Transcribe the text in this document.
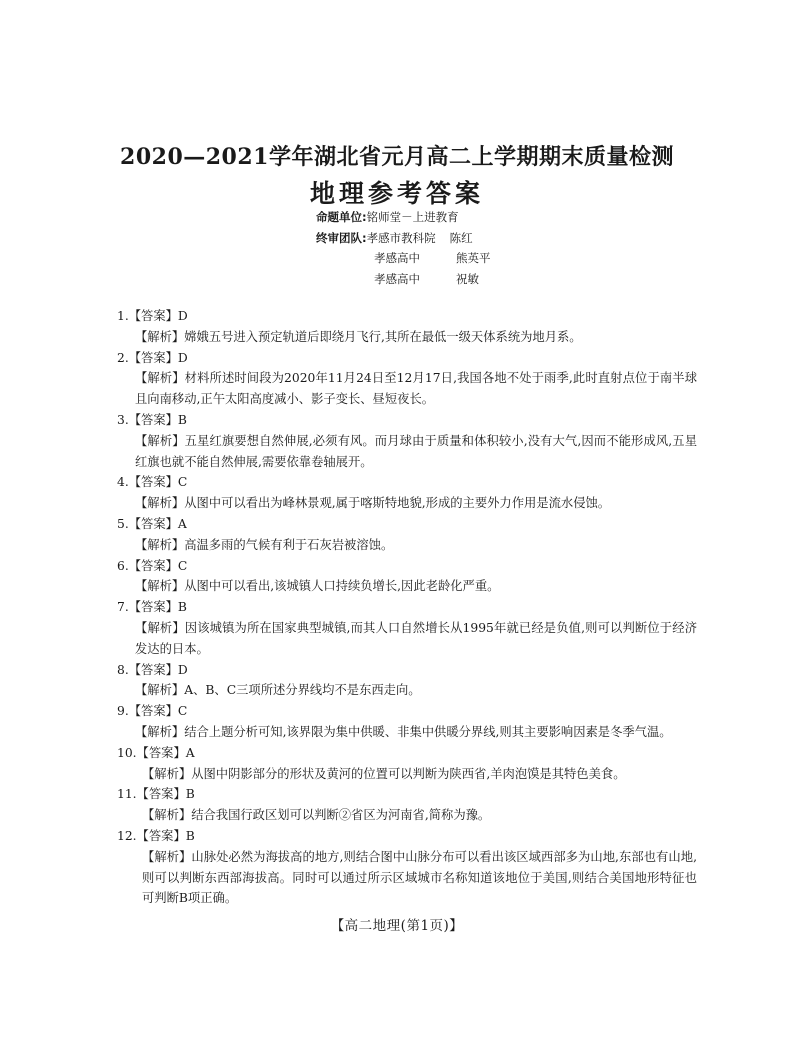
2020—2021学年湖北省元月高二上学期期末质量检测
地理参考答案
命题单位:铭师堂－上进教育
终审团队:孝感市教科院 陈红
孝感高中	熊英平
孝感高中	祝敏
1.【答案】D
【解析】嫦娥五号进入预定轨道后即绕月飞行,其所在最低一级天体系统为地月系。
2.【答案】D
【解析】材料所述时间段为2020年11月24日至12月17日,我国各地不处于雨季,此时直射点位于南半球且向南移动,正午太阳高度减小、影子变长、昼短夜长。
3.【答案】B
【解析】五星红旗要想自然伸展,必须有风。而月球由于质量和体积较小,没有大气,因而不能形成风,五星红旗也就不能自然伸展,需要依靠卷轴展开。
4.【答案】C
【解析】从图中可以看出为峰林景观,属于喀斯特地貌,形成的主要外力作用是流水侵蚀。
5.【答案】A
【解析】高温多雨的气候有利于石灰岩被溶蚀。
6.【答案】C
【解析】从图中可以看出,该城镇人口持续负增长,因此老龄化严重。
7.【答案】B
【解析】因该城镇为所在国家典型城镇,而其人口自然增长从1995年就已经是负值,则可以判断位于经济发达的日本。
8.【答案】D
【解析】A、B、C三项所述分界线均不是东西走向。
9.【答案】C
【解析】结合上题分析可知,该界限为集中供暖、非集中供暖分界线,则其主要影响因素是冬季气温。
10.【答案】A
【解析】从图中阴影部分的形状及黄河的位置可以判断为陕西省,羊肉泡馍是其特色美食。
11.【答案】B
【解析】结合我国行政区划可以判断②省区为河南省,简称为豫。
12.【答案】B
【解析】山脉处必然为海拔高的地方,则结合图中山脉分布可以看出该区域西部多为山地,东部也有山地,则可以判断东西部海拔高。同时可以通过所示区域城市名称知道该地位于美国,则结合美国地形特征也可判断B项正确。
【高二地理(第1页)】
